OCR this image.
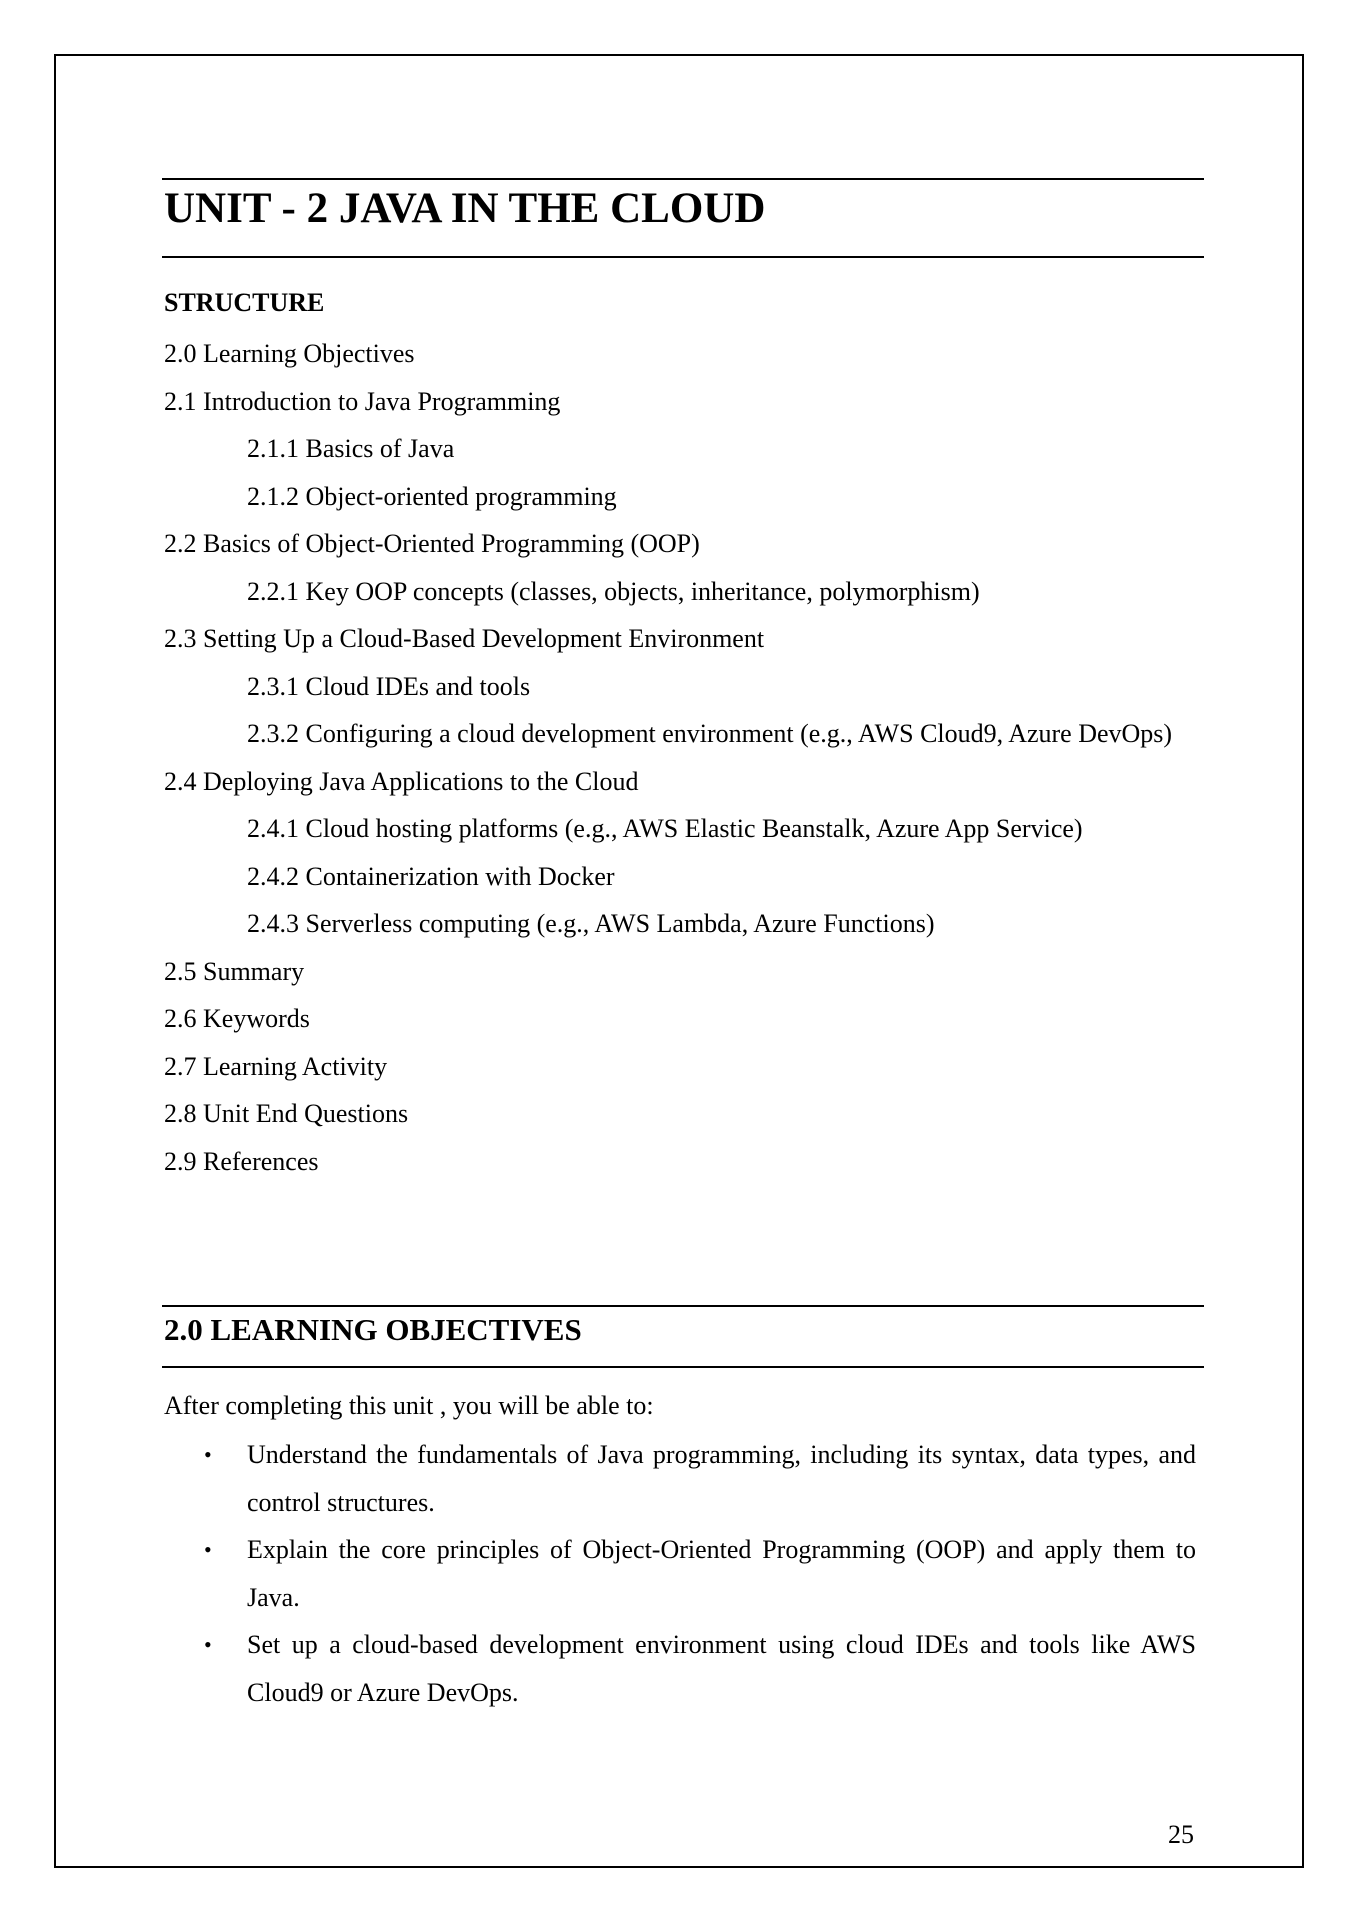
UNIT - 2 JAVA IN THE CLOUD
STRUCTURE
2.0 Learning Objectives
2.1 Introduction to Java Programming
2.1.1 Basics of Java
2.1.2 Object-oriented programming
2.2 Basics of Object-Oriented Programming (OOP)
2.2.1 Key OOP concepts (classes, objects, inheritance, polymorphism)
2.3 Setting Up a Cloud-Based Development Environment
2.3.1 Cloud IDEs and tools
2.3.2 Configuring a cloud development environment (e.g., AWS Cloud9, Azure DevOps)
2.4 Deploying Java Applications to the Cloud
2.4.1 Cloud hosting platforms (e.g., AWS Elastic Beanstalk, Azure App Service)
2.4.2 Containerization with Docker
2.4.3 Serverless computing (e.g., AWS Lambda, Azure Functions)
2.5 Summary
2.6 Keywords
2.7 Learning Activity
2.8 Unit End Questions
2.9 References
2.0 LEARNING OBJECTIVES

After completing this unit , you will be able to:

• Understand the fundamentals of Java programming, including its syntax, data types, and control structures.
• Explain the core principles of Object-Oriented Programming (OOP) and apply them to Java.
• Set up a cloud-based development environment using cloud IDEs and tools like AWS Cloud9 or Azure DevOps.

25
